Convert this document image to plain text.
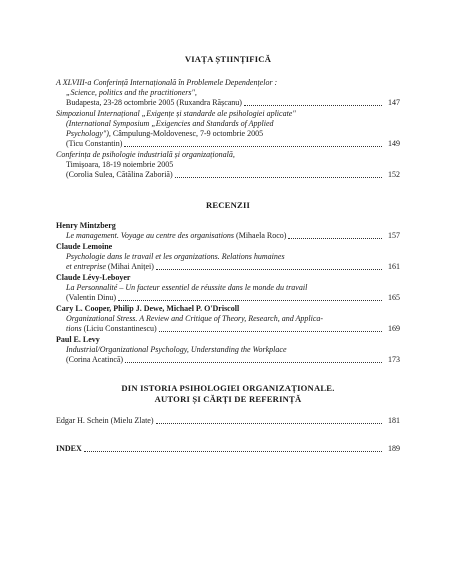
VIAȚA ȘTIINȚIFICĂ
A XLVIII-a Conferință Internațională în Problemele Dependențelor :
„Science, politics and the practitioners",
Budapesta, 23-28 octombrie 2005 (Ruxandra Rășcanu)	147
Simpozionul Internațional „Exigențe și standarde ale psihologiei aplicate"
(International Symposium „Exigencies and Standards of Applied
Psychology"), Câmpulung-Moldovenesc, 7-9 octombrie 2005
(Ticu Constantin)	149
Conferința de psihologie industrială și organizațională,
Timișoara, 18-19 noiembrie 2005
(Corolia Sulea, Cătălina Zaboriă)	152
RECENZII
Henry Mintzberg
Le management. Voyage au centre des organisations (Mihaela Roco)	157
Claude Lemoine
Psychologie dans le travail et les organizations. Relations humaines
et entreprise (Mihai Aniței)	161
Claude Lévy-Leboyer
La Personnalité – Un facteur essentiel de réussite dans le monde du travail
(Valentin Dinu)	165
Cary L. Cooper, Philip J. Dewe, Michael P. O'Driscoll
Organizational Stress. A Review and Critique of Theory, Research, and Applica-
tions (Liciu Constantinescu)	169
Paul E. Levy
Industrial/Organizational Psychology, Understanding the Workplace
(Corina Acatincă)	173
DIN ISTORIA PSIHOLOGIEI ORGANIZAȚIONALE.
AUTORI ȘI CĂRȚI DE REFERINȚĂ
Edgar H. Schein (Mielu Zlate)	181
INDEX	189
